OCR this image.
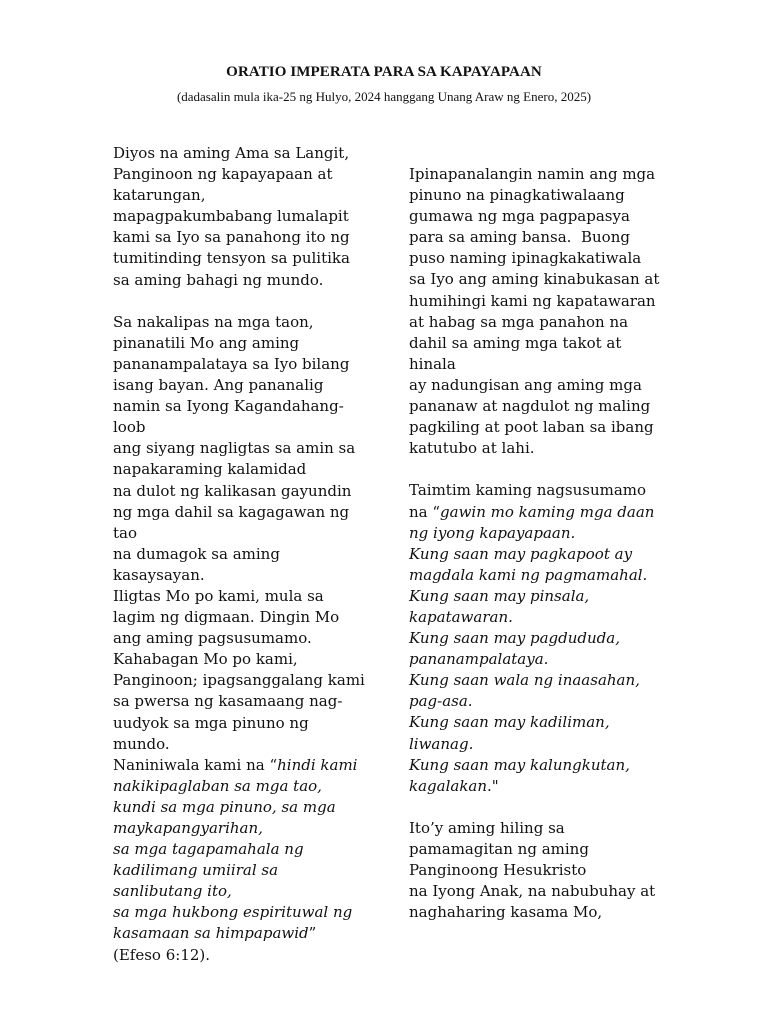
ORATIO IMPERATA PARA SA KAPAYAPAAN

(dadasalin mula ika-25 ng Hulyo, 2024 hanggang Unang Araw ng Enero, 2025)

Diyos na aming Ama sa Langit,
Panginoon ng kapayapaan at
katarungan,
mapagpakumbabang lumalapit
kami sa Iyo sa panahong ito ng
tumitinding tensyon sa pulitika
sa aming bahagi ng mundo.
Sa nakalipas na mga taon,
pinanatili Mo ang aming
pananampalataya sa Iyo bilang
isang bayan. Ang pananalig
namin sa Iyong Kagandahang-
loob
ang siyang nagligtas sa amin sa
napakaraming kalamidad
na dulot ng kalikasan gayundin
ng mga dahil sa kagagawan ng
tao
na dumagok sa aming
kasaysayan.
Iligtas Mo po kami, mula sa
lagim ng digmaan. Dingin Mo
ang aming pagsusumamo.
Kahabagan Mo po kami,
Panginoon; ipagsanggalang kami
sa pwersa ng kasamaang nag-
uudyok sa mga pinuno ng
mundo.
Naniniwala kami na “hindi kami
nakikipaglaban sa mga tao,
kundi sa mga pinuno, sa mga
maykapangyarihan,
sa mga tagapamahala ng
kadilimang umiiral sa
sanlibutang ito,
sa mga hukbong espirituwal ng
kasamaan sa himpapawid”
(Efeso 6:12).
Ipinapanalangin namin ang mga
pinuno na pinagkatiwalaang
gumawa ng mga pagpapasya
para sa aming bansa.  Buong
puso naming ipinagkakatiwala
sa Iyo ang aming kinabukasan at
humihingi kami ng kapatawaran
at habag sa mga panahon na
dahil sa aming mga takot at
hinala
ay nadungisan ang aming mga
pananaw at nagdulot ng maling
pagkiling at poot laban sa ibang
katutubo at lahi.
Taimtim kaming nagsusumamo
na “gawin mo kaming mga daan
ng iyong kapayapaan.
Kung saan may pagkapoot ay
magdala kami ng pagmamahal.
Kung saan may pinsala,
kapatawaran.
Kung saan may pagdududa,
pananampalataya.
Kung saan wala ng inaasahan,
pag-asa.
Kung saan may kadiliman,
liwanag.
Kung saan may kalungkutan,
kagalakan."
Ito’y aming hiling sa
pamamagitan ng aming
Panginoong Hesukristo
na Iyong Anak, na nabubuhay at
naghaharing kasama Mo,
